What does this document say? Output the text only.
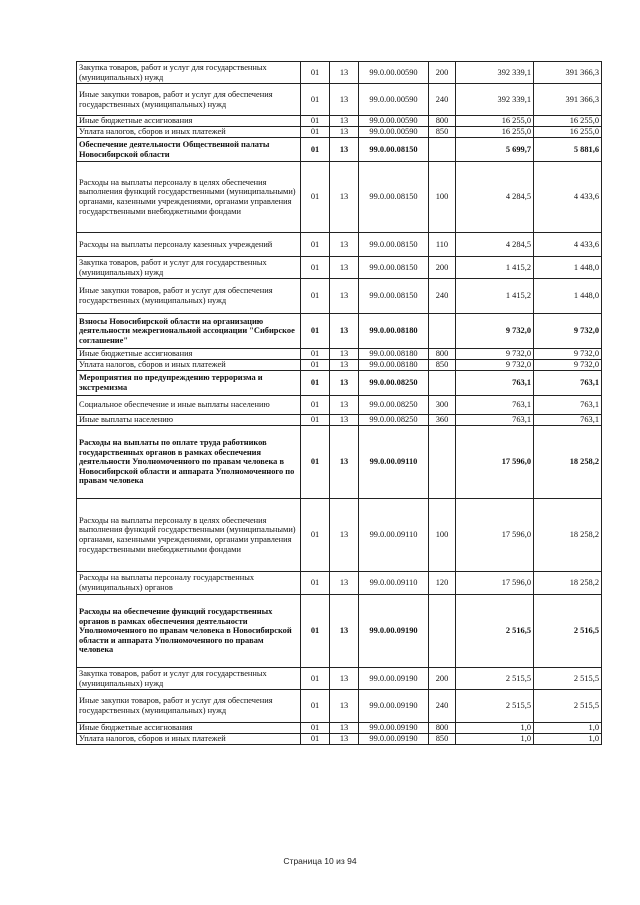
Закупка товаров, работ и услуг для государственных (муниципальных) нужд	01	13	99.0.00.00590	200	392 339,1	391 366,3
Иные закупки товаров, работ и услуг для обеспечения государственных (муниципальных) нужд	01	13	99.0.00.00590	240	392 339,1	391 366,3
Иные бюджетные ассигнования	01	13	99.0.00.00590	800	16 255,0	16 255,0
Уплата налогов, сборов и иных платежей	01	13	99.0.00.00590	850	16 255,0	16 255,0
Обеспечение деятельности Общественной палаты Новосибирской области	01	13	99.0.00.08150		5 699,7	5 881,6
Расходы на выплаты персоналу в целях обеспечения выполнения функций государственными (муниципальными) органами, казенными учреждениями, органами управления государственными внебюджетными фондами	01	13	99.0.00.08150	100	4 284,5	4 433,6
Расходы на выплаты персоналу казенных учреждений	01	13	99.0.00.08150	110	4 284,5	4 433,6
Закупка товаров, работ и услуг для государственных (муниципальных) нужд	01	13	99.0.00.08150	200	1 415,2	1 448,0
Иные закупки товаров, работ и услуг для обеспечения государственных (муниципальных) нужд	01	13	99.0.00.08150	240	1 415,2	1 448,0
Взносы Новосибирской области на организацию деятельности межрегиональной ассоциации "Сибирское соглашение"	01	13	99.0.00.08180		9 732,0	9 732,0
Иные бюджетные ассигнования	01	13	99.0.00.08180	800	9 732,0	9 732,0
Уплата налогов, сборов и иных платежей	01	13	99.0.00.08180	850	9 732,0	9 732,0
Мероприятия по предупреждению терроризма и экстремизма	01	13	99.0.00.08250		763,1	763,1
Социальное обеспечение и иные выплаты населению	01	13	99.0.00.08250	300	763,1	763,1
Иные выплаты населению	01	13	99.0.00.08250	360	763,1	763,1
Расходы на выплаты по оплате труда работников государственных органов в рамках обеспечения деятельности Уполномоченного по правам человека в Новосибирской области и аппарата Уполномоченного по правам человека	01	13	99.0.00.09110		17 596,0	18 258,2
Расходы на выплаты персоналу в целях обеспечения выполнения функций государственными (муниципальными) органами, казенными учреждениями, органами управления государственными внебюджетными фондами	01	13	99.0.00.09110	100	17 596,0	18 258,2
Расходы на выплаты персоналу государственных (муниципальных) органов	01	13	99.0.00.09110	120	17 596,0	18 258,2
Расходы на обеспечение функций государственных органов в рамках обеспечения деятельности Уполномоченного по правам человека в Новосибирской области и аппарата Уполномоченного по правам человека	01	13	99.0.00.09190		2 516,5	2 516,5
Закупка товаров, работ и услуг для государственных (муниципальных) нужд	01	13	99.0.00.09190	200	2 515,5	2 515,5
Иные закупки товаров, работ и услуг для обеспечения государственных (муниципальных) нужд	01	13	99.0.00.09190	240	2 515,5	2 515,5
Иные бюджетные ассигнования	01	13	99.0.00.09190	800	1,0	1,0
Уплата налогов, сборов и иных платежей	01	13	99.0.00.09190	850	1,0	1,0
Страница 10 из 94
